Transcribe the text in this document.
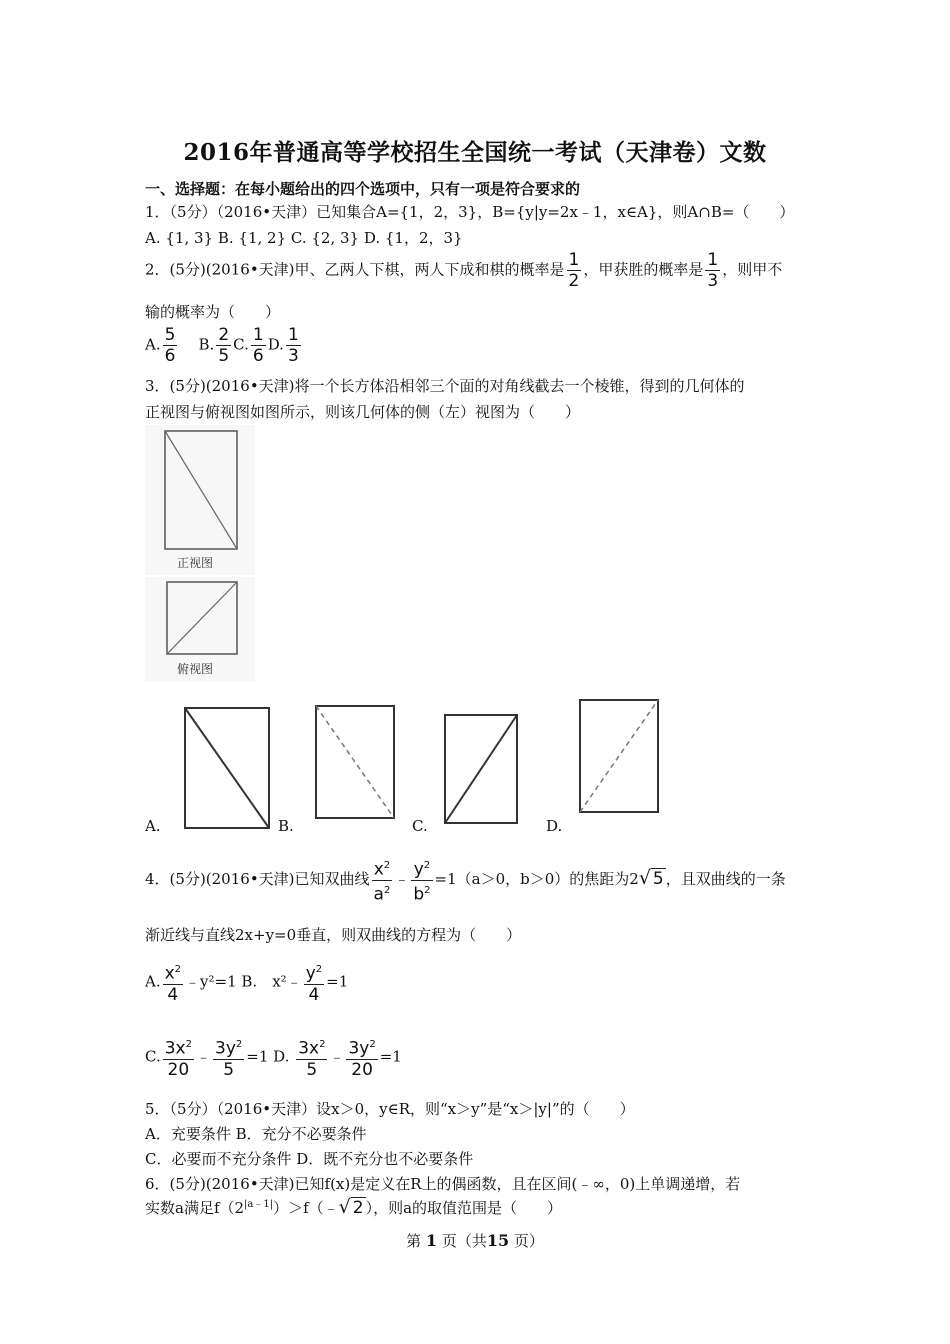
2016年普通高等学校招生全国统一考试（天津卷）文数
一、选择题：在每小题给出的四个选项中，只有一项是符合要求的
1．（5分）（2016•天津）已知集合A={1，2，3}，B={y|y=2x﹣1，x∈A}，则A∩B=（　　）
A. {1, 3} B. {1, 2} C. {2, 3} D. {1，2，3}
2．(5分)(2016•天津)甲、乙两人下棋，两人下成和棋的概率是 $\frac{1}{2}$ ，甲获胜的概率是 $\frac{1}{3}$ ，则甲不
输的概率为（　　）
A. $\frac{5}{6} B$. $\frac{2}{5} C$. $\frac{1}{6} D$. $\frac{1}{3}$
3．(5分)(2016•天津)将一个长方体沿相邻三个面的对角线截去一个棱锥，得到的几何体的
正视图与俯视图如图所示，则该几何体的侧（左）视图为（　　）
正视图
俯视图
A.	B.	C.	D.
4．(5分)(2016•天津)已知双曲线 $\frac{x^2}{a^2}$ ﹣ $\frac{y^2}{b^2} =1(a>0$，b＞0）的焦距为2√ 5 ，且双曲线的一条
渐近线与直线2x+y=0垂直，则双曲线的方程为（　　）
A. $\frac{x^2}{4}$ ﹣y²=1 B.　x²﹣ $\frac{y^2}{4} =1$
C. $\frac{3x^2}{20}$ ﹣ $\frac{3y^2}{5} =1$ D. $\frac{3x^2}{5}$ ﹣ $\frac{3y^2}{20} =1$
5．（5分）（2016•天津）设x＞0，y∈R，则“x＞y”是“x＞|y|”的（　　）
A．充要条件 B．充分不必要条件
C．必要而不充分条件 D．既不充分也不必要条件
6．(5分)(2016•天津)已知f(x)是定义在R上的偶函数，且在区间(﹣∞，0)上单调递增，若
实数a满足$f(2^{|a﹣1|})>f(﹣√$ 2 ），则a的取值范围是（　　）
第 1 页（共15 页）
